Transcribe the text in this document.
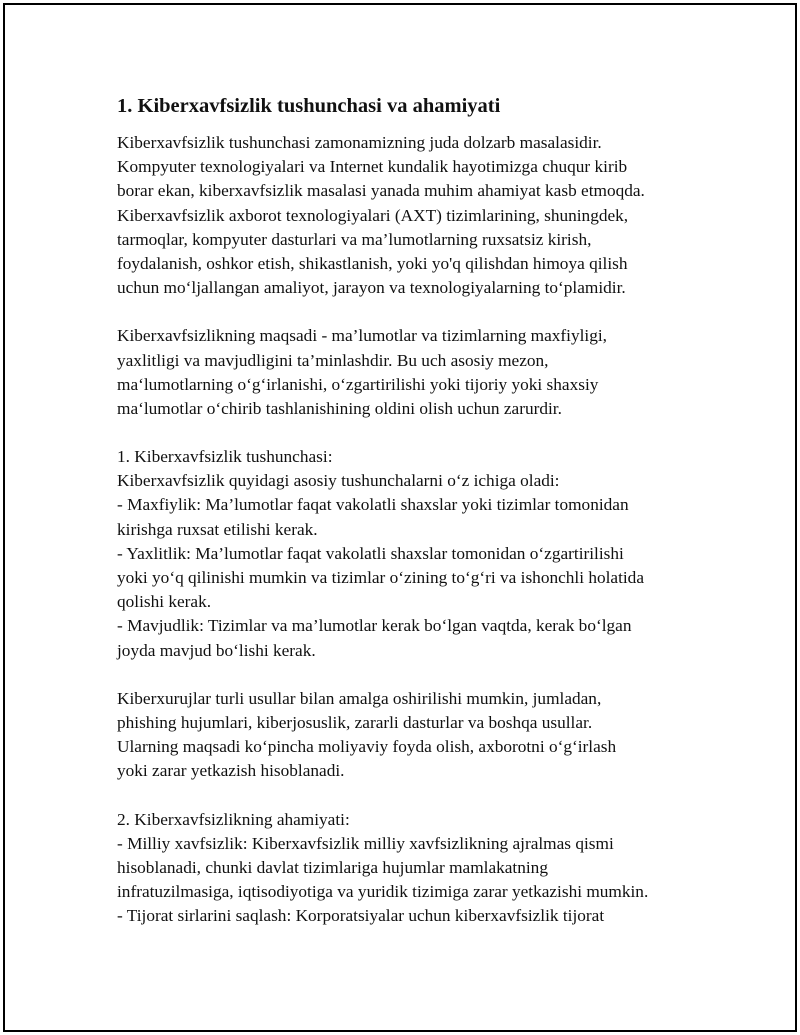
1. Kiberxavfsizlik tushunchasi va ahamiyati
Kiberxavfsizlik tushunchasi zamonamizning juda dolzarb masalasidir.
Kompyuter texnologiyalari va Internet kundalik hayotimizga chuqur kirib
borar ekan, kiberxavfsizlik masalasi yanada muhim ahamiyat kasb etmoqda.
Kiberxavfsizlik axborot texnologiyalari (AXT) tizimlarining, shuningdek,
tarmoqlar, kompyuter dasturlari va ma’lumotlarning ruxsatsiz kirish,
foydalanish, oshkor etish, shikastlanish, yoki yo'q qilishdan himoya qilish
uchun mo‘ljallangan amaliyot, jarayon va texnologiyalarning to‘plamidir.
Kiberxavfsizlikning maqsadi - ma’lumotlar va tizimlarning maxfiyligi,
yaxlitligi va mavjudligini ta’minlashdir. Bu uch asosiy mezon,
ma‘lumotlarning o‘g‘irlanishi, o‘zgartirilishi yoki tijoriy yoki shaxsiy
ma‘lumotlar o‘chirib tashlanishining oldini olish uchun zarurdir.
1. Kiberxavfsizlik tushunchasi:
Kiberxavfsizlik quyidagi asosiy tushunchalarni o‘z ichiga oladi:
- Maxfiylik: Ma’lumotlar faqat vakolatli shaxslar yoki tizimlar tomonidan
kirishga ruxsat etilishi kerak.
- Yaxlitlik: Ma’lumotlar faqat vakolatli shaxslar tomonidan o‘zgartirilishi
yoki yo‘q qilinishi mumkin va tizimlar o‘zining to‘g‘ri va ishonchli holatida
qolishi kerak.
- Mavjudlik: Tizimlar va ma’lumotlar kerak bo‘lgan vaqtda, kerak bo‘lgan
joyda mavjud bo‘lishi kerak.
Kiberxurujlar turli usullar bilan amalga oshirilishi mumkin, jumladan,
phishing hujumlari, kiberjosuslik, zararli dasturlar va boshqa usullar.
Ularning maqsadi ko‘pincha moliyaviy foyda olish, axborotni o‘g‘irlash
yoki zarar yetkazish hisoblanadi.
2. Kiberxavfsizlikning ahamiyati:
- Milliy xavfsizlik: Kiberxavfsizlik milliy xavfsizlikning ajralmas qismi
hisoblanadi, chunki davlat tizimlariga hujumlar mamlakatning
infratuzilmasiga, iqtisodiyotiga va yuridik tizimiga zarar yetkazishi mumkin.
- Tijorat sirlarini saqlash: Korporatsiyalar uchun kiberxavfsizlik tijorat
